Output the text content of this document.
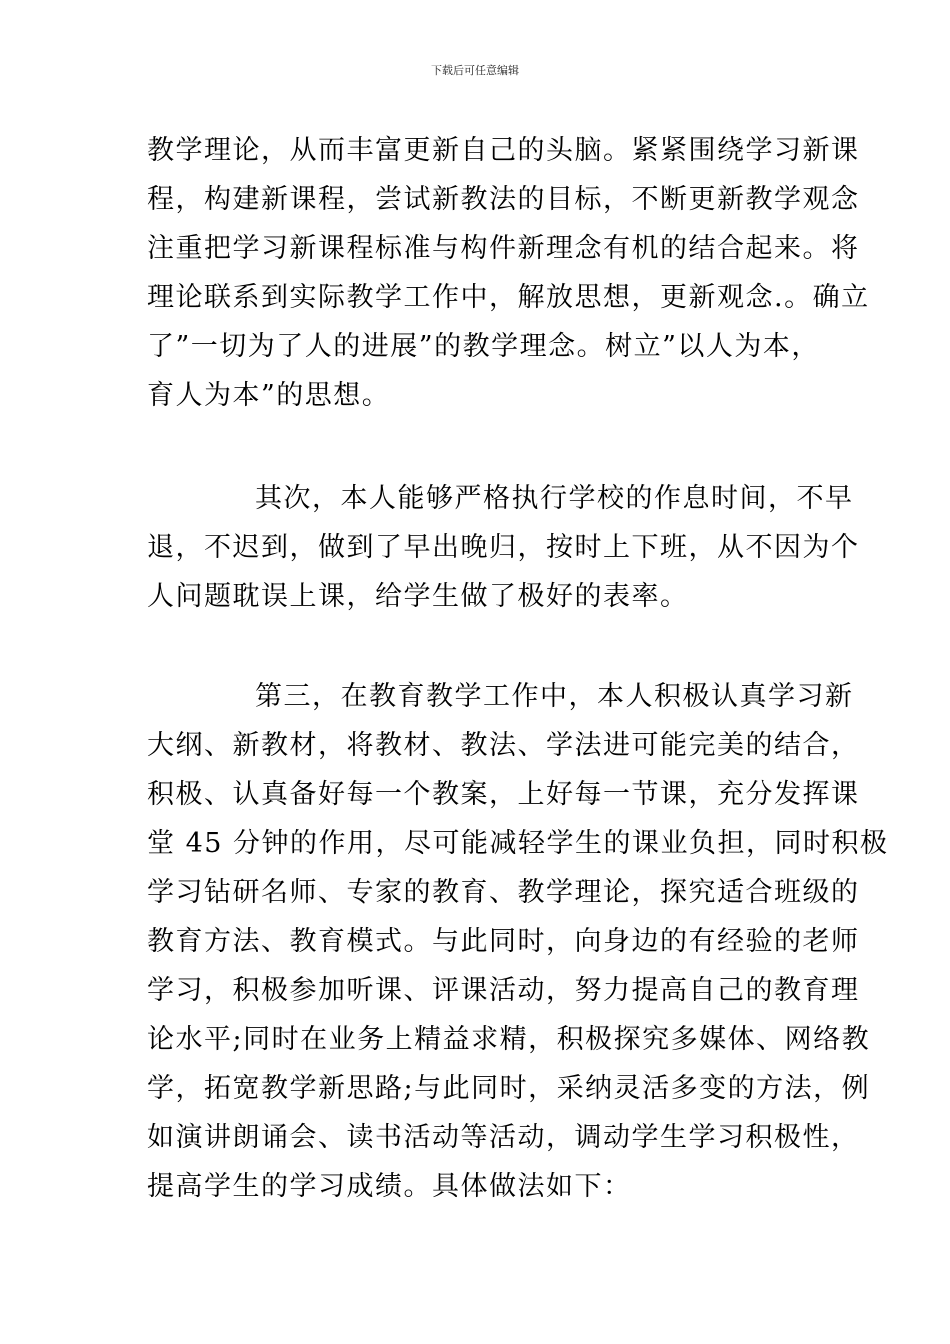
下载后可任意编辑
教学理论，从而丰富更新自己的头脑。紧紧围绕学习新课
程，构建新课程，尝试新教法的目标，不断更新教学观念
注重把学习新课程标准与构件新理念有机的结合起来。将
理论联系到实际教学工作中，解放思想，更新观念.。确立
了”一切为了人的进展”的教学理念。树立”以人为本，
育人为本”的思想。
其次，本人能够严格执行学校的作息时间，不早
退，不迟到，做到了早出晚归，按时上下班，从不因为个
人问题耽误上课，给学生做了极好的表率。
第三，在教育教学工作中，本人积极认真学习新
大纲、新教材，将教材、教法、学法进可能完美的结合，
积极、认真备好每一个教案，上好每一节课，充分发挥课
堂 45 分钟的作用，尽可能减轻学生的课业负担，同时积极
学习钻研名师、专家的教育、教学理论，探究适合班级的
教育方法、教育模式。与此同时，向身边的有经验的老师
学习，积极参加听课、评课活动，努力提高自己的教育理
论水平;同时在业务上精益求精，积极探究多媒体、网络教
学，拓宽教学新思路;与此同时，采纳灵活多变的方法，例
如演讲朗诵会、读书活动等活动，调动学生学习积极性，
提高学生的学习成绩。具体做法如下：
